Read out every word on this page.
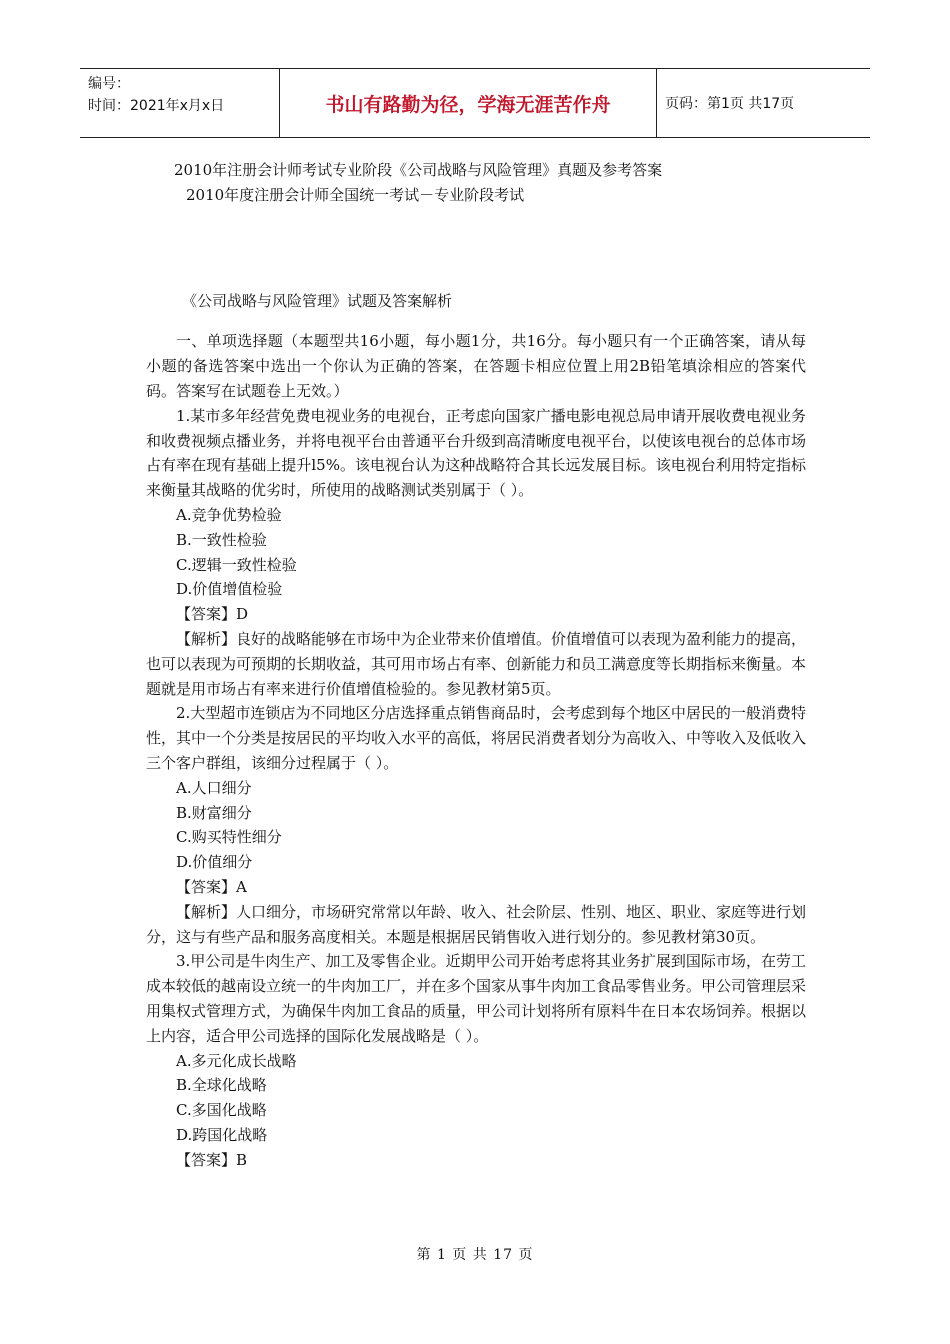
编号：
时间：2021年x月x日	书山有路勤为径，学海无涯苦作舟	页码：第1页 共17页

2010年注册会计师考试专业阶段《公司战略与风险管理》真题及参考答案

2010年度注册会计师全国统一考试－专业阶段考试

《公司战略与风险管理》试题及答案解析

一、单项选择题（本题型共16小题，每小题1分，共16分。每小题只有一个正确答案，请从每小题的备选答案中选出一个你认为正确的答案，在答题卡相应位置上用2B铅笔填涂相应的答案代码。答案写在试题卷上无效。）

1.某市多年经营免费电视业务的电视台，正考虑向国家广播电影电视总局申请开展收费电视业务和收费视频点播业务，并将电视平台由普通平台升级到高清晰度电视平台，以使该电视台的总体市场占有率在现有基础上提升l5%。该电视台认为这种战略符合其长远发展目标。该电视台利用特定指标来衡量其战略的优劣时，所使用的战略测试类别属于（ ）。

A.竞争优势检验

B.一致性检验

C.逻辑一致性检验

D.价值增值检验

【答案】D

【解析】良好的战略能够在市场中为企业带来价值增值。价值增值可以表现为盈利能力的提高，也可以表现为可预期的长期收益，其可用市场占有率、创新能力和员工满意度等长期指标来衡量。本题就是用市场占有率来进行价值增值检验的。参见教材第5页。

2.大型超市连锁店为不同地区分店选择重点销售商品时，会考虑到每个地区中居民的一般消费特性，其中一个分类是按居民的平均收入水平的高低，将居民消费者划分为高收入、中等收入及低收入三个客户群组，该细分过程属于（ ）。

A.人口细分

B.财富细分

C.购买特性细分

D.价值细分

【答案】A

【解析】人口细分，市场研究常常以年龄、收入、社会阶层、性别、地区、职业、家庭等进行划分，这与有些产品和服务高度相关。本题是根据居民销售收入进行划分的。参见教材第30页。

3.甲公司是牛肉生产、加工及零售企业。近期甲公司开始考虑将其业务扩展到国际市场，在劳工成本较低的越南设立统一的牛肉加工厂，并在多个国家从事牛肉加工食品零售业务。甲公司管理层采用集权式管理方式，为确保牛肉加工食品的质量，甲公司计划将所有原料牛在日本农场饲养。根据以上内容，适合甲公司选择的国际化发展战略是（ ）。

A.多元化成长战略

B.全球化战略

C.多国化战略

D.跨国化战略

【答案】B

第 1 页 共 17 页
